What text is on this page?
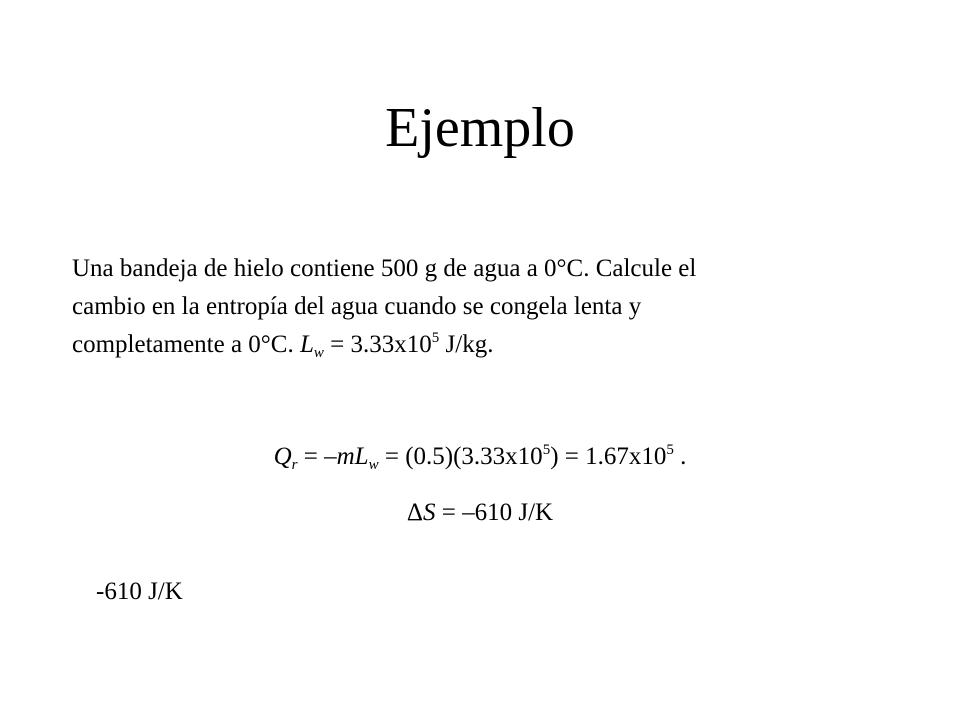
Ejemplo
Una bandeja de hielo contiene 500 g de agua a 0°C. Calcule el
cambio en la entropía del agua cuando se congela lenta y
completamente a 0°C. $L_w = 3.33x10^5$ J/kg.
$Q_r = -mL_w = (0.5)(3.33x10^5) = 1.67x10^5$ .
ΔS = –610 J/K
-610 J/K
